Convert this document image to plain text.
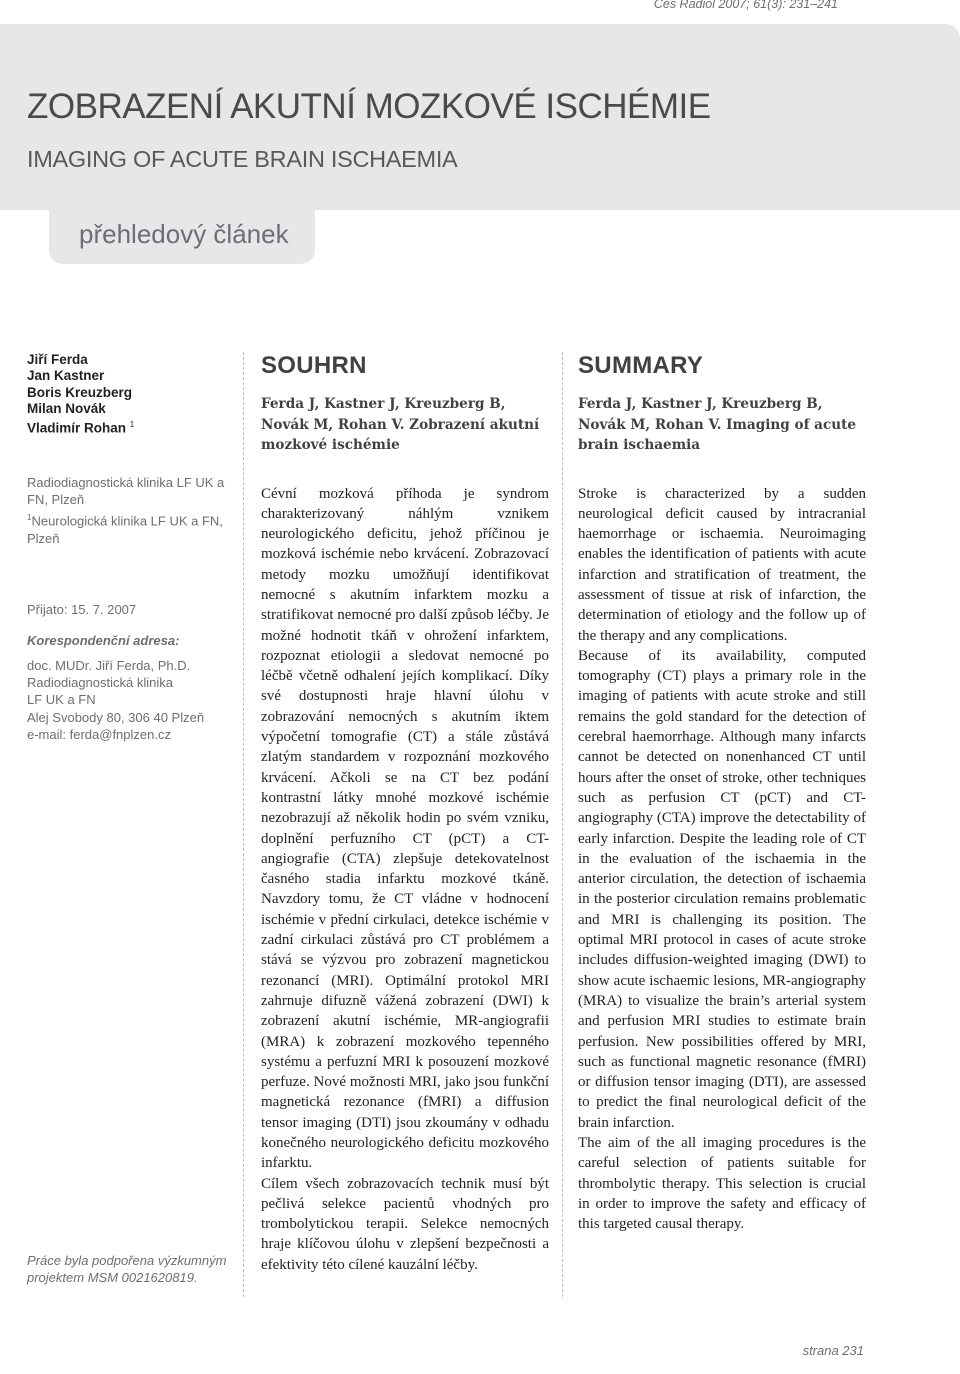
Ces Radiol 2007; 61(3): 231–241
ZOBRAZENÍ AKUTNÍ MOZKOVÉ ISCHÉMIE
IMAGING OF ACUTE BRAIN ISCHAEMIA
přehledový článek
Jiří Ferda
Jan Kastner
Boris Kreuzberg
Milan Novák
Vladimír Rohan $^1$
Radiodiagnostická klinika LF UK a FN, Plzeň
$^1$Neurologická klinika LF UK a FN, Plzeň
Přijato: 15. 7. 2007
Korespondenční adresa:
doc. MUDr. Jiří Ferda, Ph.D.
Radiodiagnostická klinika
LF UK a FN
Alej Svobody 80, 306 40 Plzeň
e-mail: ferda@fnplzen.cz
Práce byla podpořena výzkumným projektem MSM 0021620819.
SOUHRN
Ferda J, Kastner J, Kreuzberg B, Novák M, Rohan V. Zobrazení akutní mozkové ischémie
Cévní mozková příhoda je syndrom charakterizovaný náhlým vznikem neurologického deficitu, jehož příčinou je mozková ischémie nebo krvácení. Zobrazovací metody mozku umožňují identifikovat nemocné s akutním infarktem mozku a stratifikovat nemocné pro další způsob léčby. Je možné hodnotit tkáň v ohrožení infarktem, rozpoznat etiologii a sledovat nemocné po léčbě včetně odhalení jejích komplikací. Díky své dostupnosti hraje hlavní úlohu v zobrazování nemocných s akutním iktem výpočetní tomografie (CT) a stále zůstává zlatým standardem v rozpoznání mozkového krvácení. Ačkoli se na CT bez podání kontrastní látky mnohé mozkové ischémie nezobrazují až několik hodin po svém vzniku, doplnění perfuzního CT (pCT) a CT-angiografie (CTA) zlepšuje detekovatelnost časného stadia infarktu mozkové tkáně. Navzdory tomu, že CT vládne v hodnocení ischémie v přední cirkulaci, detekce ischémie v zadní cirkulaci zůstává pro CT problémem a stává se výzvou pro zobrazení magnetickou rezonancí (MRI). Optimální protokol MRI zahrnuje difuzně vážená zobrazení (DWI) k zobrazení akutní ischémie, MR-angiografii (MRA) k zobrazení mozkového tepenného systému a perfuzní MRI k posouzení mozkové perfuze. Nové možnosti MRI, jako jsou funkční magnetická rezonance (fMRI) a diffusion tensor imaging (DTI) jsou zkoumány v odhadu konečného neurologického deficitu mozkového infarktu.
Cílem všech zobrazovacích technik musí být pečlivá selekce pacientů vhodných pro trombolytickou terapii. Selekce nemocných hraje klíčovou úlohu v zlepšení bezpečnosti a efektivity této cílené kauzální léčby.
SUMMARY
Ferda J, Kastner J, Kreuzberg B, Novák M, Rohan V. Imaging of acute brain ischaemia
Stroke is characterized by a sudden neurological deficit caused by intracranial haemorrhage or ischaemia. Neuroimaging enables the identification of patients with acute infarction and stratification of treatment, the assessment of tissue at risk of infarction, the determination of etiology and the follow up of the therapy and any complications.
Because of its availability, computed tomography (CT) plays a primary role in the imaging of patients with acute stroke and still remains the gold standard for the detection of cerebral haemorrhage. Although many infarcts cannot be detected on nonenhanced CT until hours after the onset of stroke, other techniques such as perfusion CT (pCT) and CT-angiography (CTA) improve the detectability of early infarction. Despite the leading role of CT in the evaluation of the ischaemia in the anterior circulation, the detection of ischaemia in the posterior circulation remains problematic and MRI is challenging its position. The optimal MRI protocol in cases of acute stroke includes diffusion-weighted imaging (DWI) to show acute ischaemic lesions, MR-angiography (MRA) to visualize the brain’s arterial system and perfusion MRI studies to estimate brain perfusion. New possibilities offered by MRI, such as functional magnetic resonance (fMRI) or diffusion tensor imaging (DTI), are assessed to predict the final neurological deficit of the brain infarction.
The aim of the all imaging procedures is the careful selection of patients suitable for thrombolytic therapy. This selection is crucial in order to improve the safety and efficacy of this targeted causal therapy.
strana 231
